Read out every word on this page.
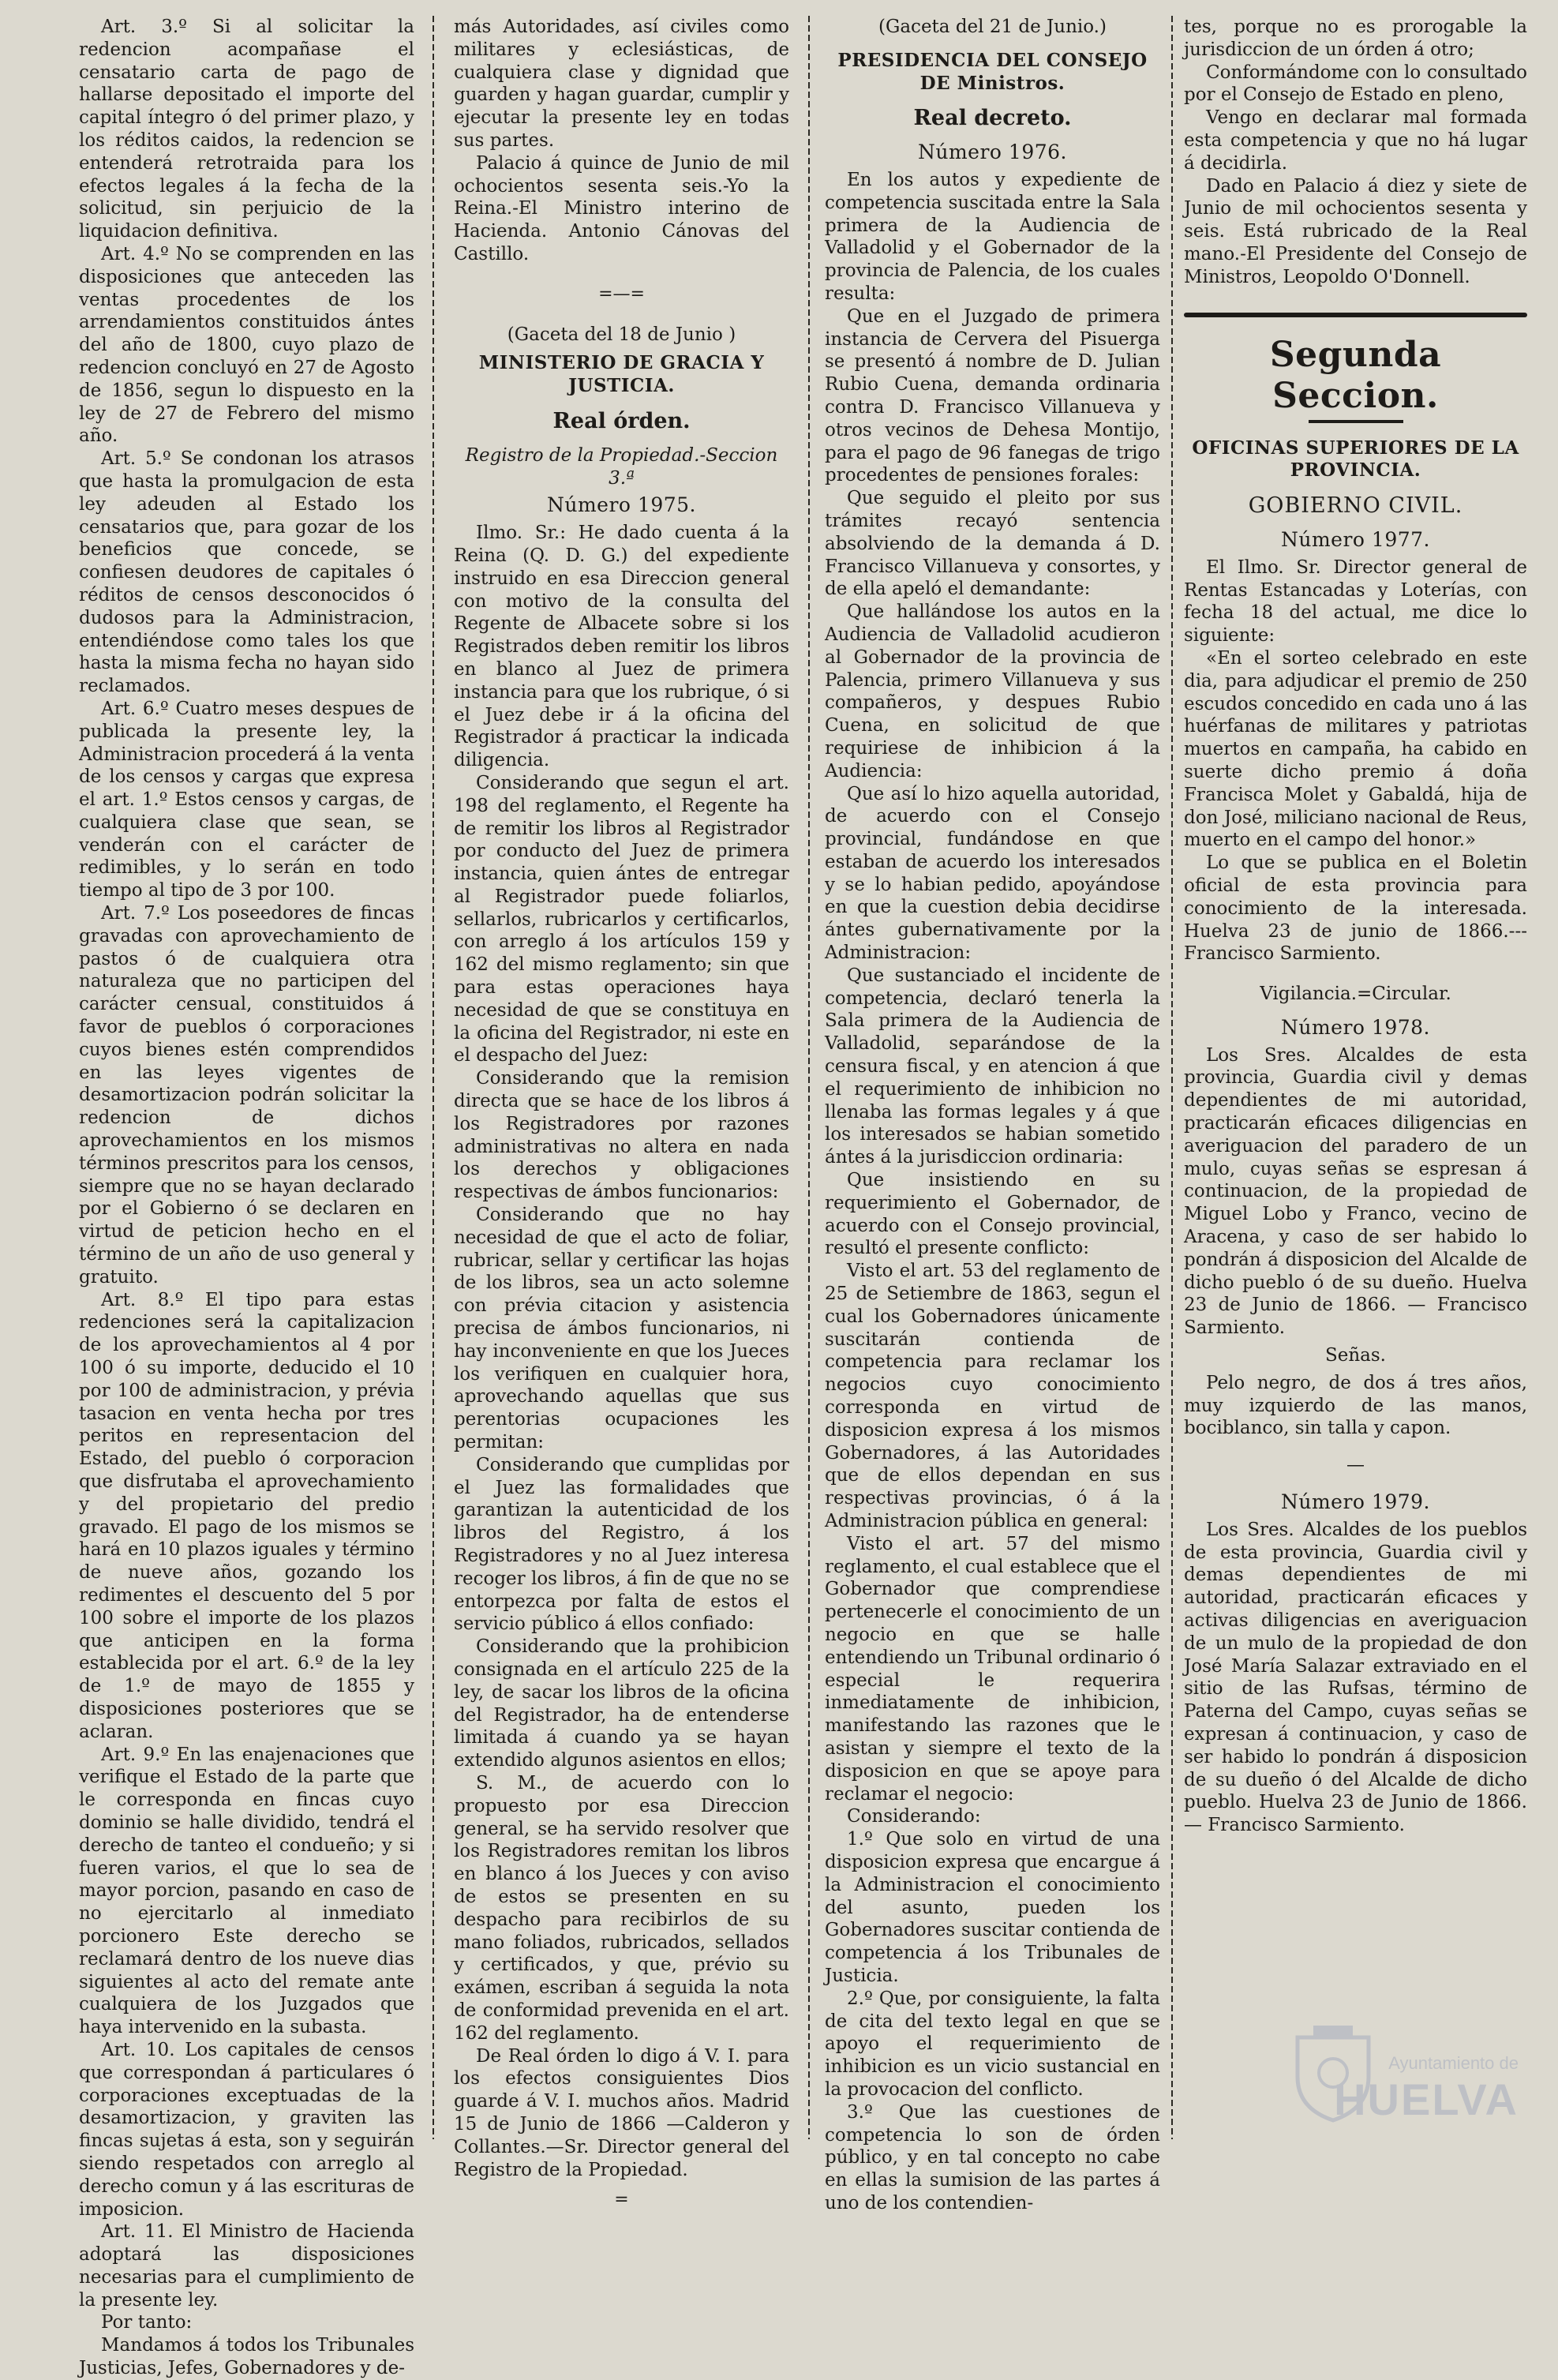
Art. 3.º Si al solicitar la redencion acompañase el censatario carta de pago de hallarse depositado el importe del capital íntegro ó del primer plazo, y los réditos caidos, la redencion se entenderá retrotraida para los efectos legales á la fecha de la solicitud, sin perjuicio de la liquidacion definitiva.

Art. 4.º No se comprenden en las disposiciones que anteceden las ventas procedentes de los arrendamientos constituidos ántes del año de 1800, cuyo plazo de redencion concluyó en 27 de Agosto de 1856, segun lo dispuesto en la ley de 27 de Febrero del mismo año.

Art. 5.º Se condonan los atrasos que hasta la promulgacion de esta ley adeuden al Estado los censatarios que, para gozar de los beneficios que concede, se confiesen deudores de capitales ó réditos de censos desconocidos ó dudosos para la Administracion, entendiéndose como tales los que hasta la misma fecha no hayan sido reclamados.

Art. 6.º Cuatro meses despues de publicada la presente ley, la Administracion procederá á la venta de los censos y cargas que expresa el art. 1.º Estos censos y cargas, de cualquiera clase que sean, se venderán con el carácter de redimibles, y lo serán en todo tiempo al tipo de 3 por 100.

Art. 7.º Los poseedores de fincas gravadas con aprovechamiento de pastos ó de cualquiera otra naturaleza que no participen del carácter censual, constituidos á favor de pueblos ó corporaciones cuyos bienes estén comprendidos en las leyes vigentes de desamortizacion podrán solicitar la redencion de dichos aprovechamientos en los mismos términos prescritos para los censos, siempre que no se hayan declarado por el Gobierno ó se declaren en virtud de peticion hecho en el término de un año de uso general y gratuito.

Art. 8.º El tipo para estas redenciones será la capitalizacion de los aprovechamientos al 4 por 100 ó su importe, deducido el 10 por 100 de administracion, y prévia tasacion en venta hecha por tres peritos en representacion del Estado, del pueblo ó corporacion que disfrutaba el aprovechamiento y del propietario del predio gravado. El pago de los mismos se hará en 10 plazos iguales y término de nueve años, gozando los redimentes el descuento del 5 por 100 sobre el importe de los plazos que anticipen en la forma establecida por el art. 6.º de la ley de 1.º de mayo de 1855 y disposiciones posteriores que se aclaran.

Art. 9.º En las enajenaciones que verifique el Estado de la parte que le corresponda en fincas cuyo dominio se halle dividido, tendrá el derecho de tanteo el condueño; y si fueren varios, el que lo sea de mayor porcion, pasando en caso de no ejercitarlo al inmediato porcionero Este derecho se reclamará dentro de los nueve dias siguientes al acto del remate ante cualquiera de los Juzgados que haya intervenido en la subasta.

Art. 10. Los capitales de censos que correspondan á particulares ó corporaciones exceptuadas de la desamortizacion, y graviten las fincas sujetas á esta, son y seguirán siendo respetados con arreglo al derecho comun y á las escrituras de imposicion.

Art. 11. El Ministro de Hacienda adoptará las disposiciones necesarias para el cumplimiento de la presente ley.

Por tanto:

Mandamos á todos los Tribunales Justicias, Jefes, Gobernadores y de-

más Autoridades, así civiles como militares y eclesiásticas, de cualquiera clase y dignidad que guarden y hagan guardar, cumplir y ejecutar la presente ley en todas sus partes.

Palacio á quince de Junio de mil ochocientos sesenta seis.-Yo la Reina.-El Ministro interino de Hacienda. Antonio Cánovas del Castillo.

=—=

(Gaceta del 18 de Junio )

MINISTERIO DE GRACIA Y JUSTICIA.

Real órden.

Registro de la Propiedad.-Seccion 3.ª

Número 1975.

Ilmo. Sr.: He dado cuenta á la Reina (Q. D. G.) del expediente instruido en esa Direccion general con motivo de la consulta del Regente de Albacete sobre si los Registrados deben remitir los libros en blanco al Juez de primera instancia para que los rubrique, ó si el Juez debe ir á la oficina del Registrador á practicar la indicada diligencia.

Considerando que segun el art. 198 del reglamento, el Regente ha de remitir los libros al Registrador por conducto del Juez de primera instancia, quien ántes de entregar al Registrador puede foliarlos, sellarlos, rubricarlos y certificarlos, con arreglo á los artículos 159 y 162 del mismo reglamento; sin que para estas operaciones haya necesidad de que se constituya en la oficina del Registrador, ni este en el despacho del Juez:

Considerando que la remision directa que se hace de los libros á los Registradores por razones administrativas no altera en nada los derechos y obligaciones respectivas de ámbos funcionarios:

Considerando que no hay necesidad de que el acto de foliar, rubricar, sellar y certificar las hojas de los libros, sea un acto solemne con prévia citacion y asistencia precisa de ámbos funcionarios, ni hay inconveniente en que los Jueces los verifiquen en cualquier hora, aprovechando aquellas que sus perentorias ocupaciones les permitan:

Considerando que cumplidas por el Juez las formalidades que garantizan la autenticidad de los libros del Registro, á los Registradores y no al Juez interesa recoger los libros, á fin de que no se entorpezca por falta de estos el servicio público á ellos confiado:

Considerando que la prohibicion consignada en el artículo 225 de la ley, de sacar los libros de la oficina del Registrador, ha de entenderse limitada á cuando ya se hayan extendido algunos asientos en ellos;

S. M., de acuerdo con lo propuesto por esa Direccion general, se ha servido resolver que los Registradores remitan los libros en blanco á los Jueces y con aviso de estos se presenten en su despacho para recibirlos de su mano foliados, rubricados, sellados y certificados, y que, prévio su exámen, escriban á seguida la nota de conformidad prevenida en el art. 162 del reglamento.

De Real órden lo digo á V. I. para los efectos consiguientes Dios guarde á V. I. muchos años. Madrid 15 de Junio de 1866 —Calderon y Collantes.—Sr. Director general del Registro de la Propiedad.

=

(Gaceta del 21 de Junio.)

PRESIDENCIA DEL CONSEJO DE Ministros.

Real decreto.
Número 1976.

En los autos y expediente de competencia suscitada entre la Sala primera de la Audiencia de Valladolid y el Gobernador de la provincia de Palencia, de los cuales resulta:

Que en el Juzgado de primera instancia de Cervera del Pisuerga se presentó á nombre de D. Julian Rubio Cuena, demanda ordinaria contra D. Francisco Villanueva y otros vecinos de Dehesa Montijo, para el pago de 96 fanegas de trigo procedentes de pensiones forales:

Que seguido el pleito por sus trámites recayó sentencia absolviendo de la demanda á D. Francisco Villanueva y consortes, y de ella apeló el demandante:

Que hallándose los autos en la Audiencia de Valladolid acudieron al Gobernador de la provincia de Palencia, primero Villanueva y sus compañeros, y despues Rubio Cuena, en solicitud de que requiriese de inhibicion á la Audiencia:

Que así lo hizo aquella autoridad, de acuerdo con el Consejo provincial, fundándose en que estaban de acuerdo los interesados y se lo habian pedido, apoyándose en que la cuestion debia decidirse ántes gubernativamente por la Administracion:

Que sustanciado el incidente de competencia, declaró tenerla la Sala primera de la Audiencia de Valladolid, separándose de la censura fiscal, y en atencion á que el requerimiento de inhibicion no llenaba las formas legales y á que los interesados se habian sometido ántes á la jurisdiccion ordinaria:

Que insistiendo en su requerimiento el Gobernador, de acuerdo con el Consejo provincial, resultó el presente conflicto:

Visto el art. 53 del reglamento de 25 de Setiembre de 1863, segun el cual los Gobernadores únicamente suscitarán contienda de competencia para reclamar los negocios cuyo conocimiento corresponda en virtud de disposicion expresa á los mismos Gobernadores, á las Autoridades que de ellos dependan en sus respectivas provincias, ó á la Administracion pública en general:

Visto el art. 57 del mismo reglamento, el cual establece que el Gobernador que comprendiese pertenecerle el conocimiento de un negocio en que se halle entendiendo un Tribunal ordinario ó especial le requerira inmediatamente de inhibicion, manifestando las razones que le asistan y siempre el texto de la disposicion en que se apoye para reclamar el negocio:

Considerando:

1.º Que solo en virtud de una disposicion expresa que encargue á la Administracion el conocimiento del asunto, pueden los Gobernadores suscitar contienda de competencia á los Tribunales de Justicia.

2.º Que, por consiguiente, la falta de cita del texto legal en que se apoyo el requerimiento de inhibicion es un vicio sustancial en la provocacion del conflicto.

3.º Que las cuestiones de competencia lo son de órden público, y en tal concepto no cabe en ellas la sumision de las partes á uno de los contendien-

tes, porque no es prorogable la jurisdiccion de un órden á otro;

Conformándome con lo consultado por el Consejo de Estado en pleno,

Vengo en declarar mal formada esta competencia y que no há lugar á decidirla.

Dado en Palacio á diez y siete de Junio de mil ochocientos sesenta y seis. Está rubricado de la Real mano.-El Presidente del Consejo de Ministros, Leopoldo O'Donnell.

Segunda Seccion.

OFICINAS SUPERIORES DE LA PROVINCIA.

GOBIERNO CIVIL.
Número 1977.

El Ilmo. Sr. Director general de Rentas Estancadas y Loterías, con fecha 18 del actual, me dice lo siguiente:

«En el sorteo celebrado en este dia, para adjudicar el premio de 250 escudos concedido en cada uno á las huérfanas de militares y patriotas muertos en campaña, ha cabido en suerte dicho premio á doña Francisca Molet y Gabaldá, hija de don José, miliciano nacional de Reus, muerto en el campo del honor.»

Lo que se publica en el Boletin oficial de esta provincia para conocimiento de la interesada. Huelva 23 de junio de 1866.--- Francisco Sarmiento.

Vigilancia.=Circular.
Número 1978.

Los Sres. Alcaldes de esta provincia, Guardia civil y demas dependientes de mi autoridad, practicarán eficaces diligencias en averiguacion del paradero de un mulo, cuyas señas se espresan á continuacion, de la propiedad de Miguel Lobo y Franco, vecino de Aracena, y caso de ser habido lo pondrán á disposicion del Alcalde de dicho pueblo ó de su dueño. Huelva 23 de Junio de 1866. — Francisco Sarmiento.

Señas.

Pelo negro, de dos á tres años, muy izquierdo de las manos, bociblanco, sin talla y capon.

—
Número 1979.

Los Sres. Alcaldes de los pueblos de esta provincia, Guardia civil y demas dependientes de mi autoridad, practicarán eficaces y activas diligencias en averiguacion de un mulo de la propiedad de don José María Salazar extraviado en el sitio de las Rufsas, término de Paterna del Campo, cuyas señas se expresan á continuacion, y caso de ser habido lo pondrán á disposicion de su dueño ó del Alcalde de dicho pueblo. Huelva 23 de Junio de 1866. — Francisco Sarmiento.

Ayuntamiento de
HUELVA
